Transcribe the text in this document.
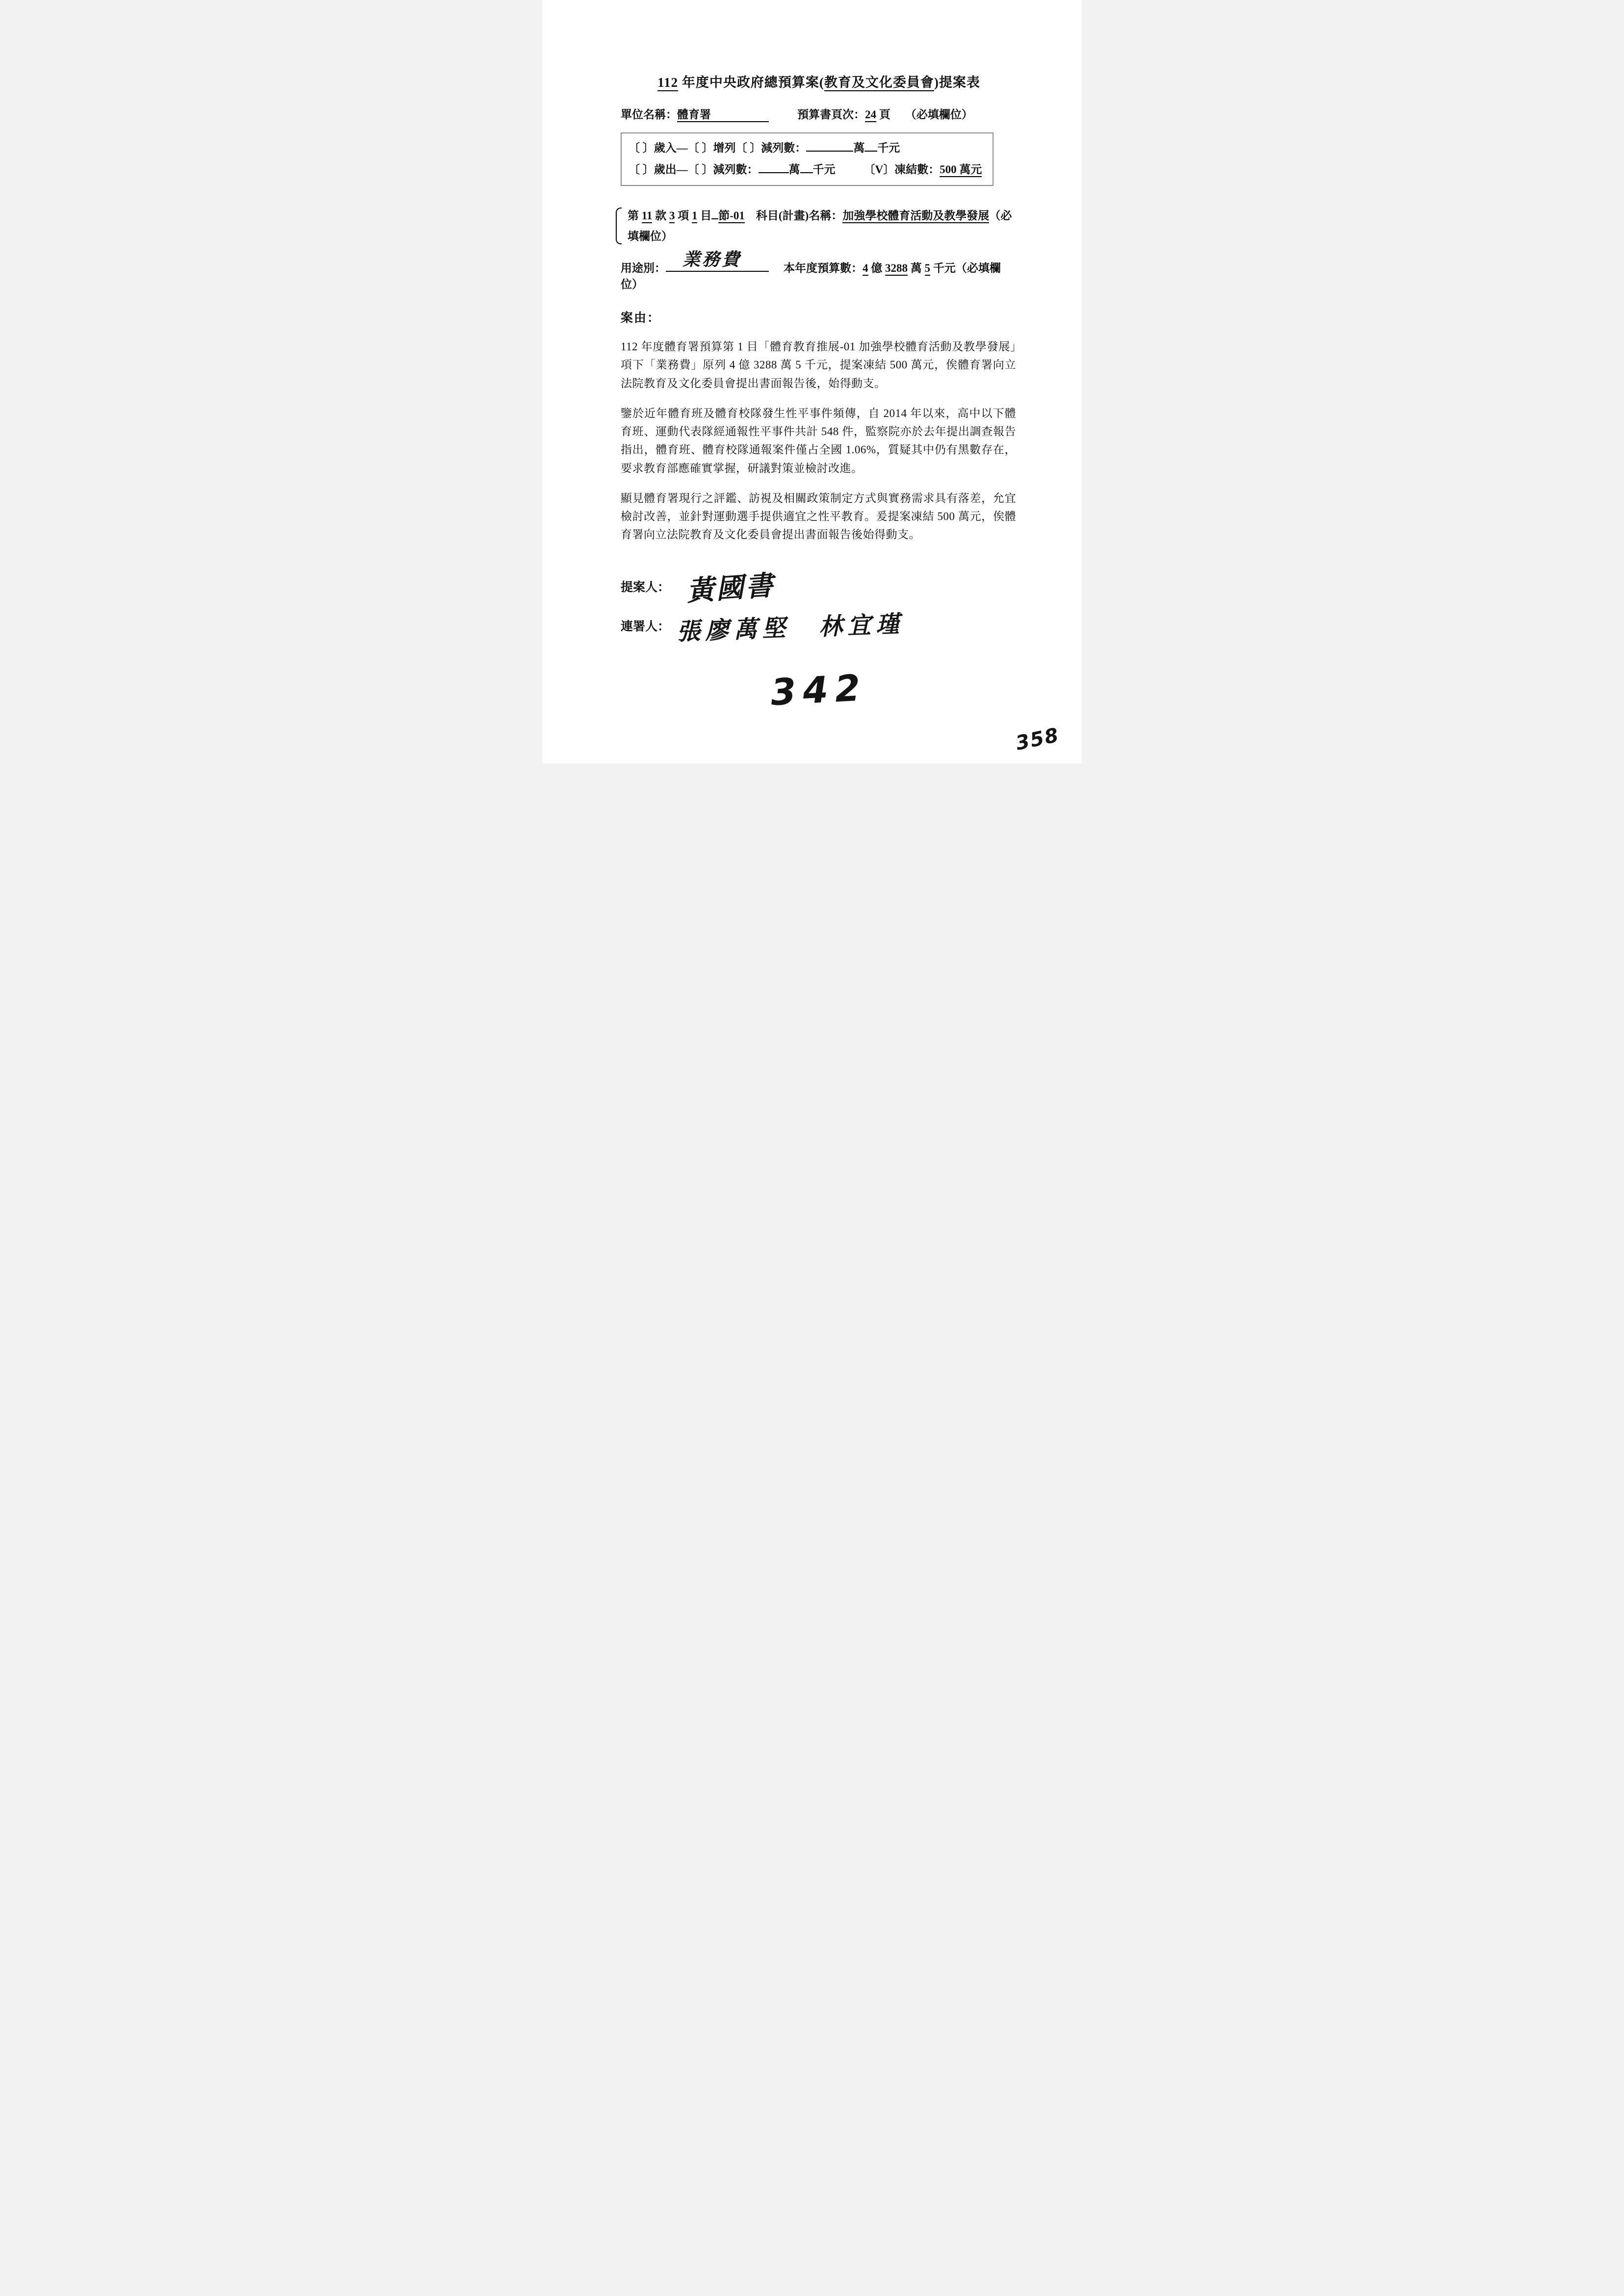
112 年度中央政府總預算案(教育及文化委員會)提案表
單位名稱：體育署	預算書頁次：24 頁 （必填欄位）
〔 〕歲入—〔 〕增列〔 〕減列數：	萬 千元
〔 〕歲出—〔 〕減列數：	萬 千元	〔V〕凍結數：500 萬元
第 11 款 3 項 1 目 節-01　科目(計畫)名稱：加強學校體育活動及教學發展（必填欄位）
用途別： 業務費	本年度預算數：4 億 3288 萬 5 千元（必填欄位）
案由：
112 年度體育署預算第 1 目「體育教育推展-01 加強學校體育活動及教學發展」項下「業務費」原列 4 億 3288 萬 5 千元，提案凍結 500 萬元，俟體育署向立法院教育及文化委員會提出書面報告後，始得動支。
鑒於近年體育班及體育校隊發生性平事件頻傳，自 2014 年以來，高中以下體育班、運動代表隊經通報性平事件共計 548 件，監察院亦於去年提出調查報告指出，體育班、體育校隊通報案件僅占全國 1.06%，質疑其中仍有黑數存在，要求教育部應確實掌握，研議對策並檢討改進。
顯見體育署現行之評鑑、訪視及相關政策制定方式與實務需求具有落差，允宜檢討改善，並針對運動選手提供適宜之性平教育。爰提案凍結 500 萬元，俟體育署向立法院教育及文化委員會提出書面報告後始得動支。
提案人： 黃國書
連署人： 張廖萬堅　林宜瑾
342
358
